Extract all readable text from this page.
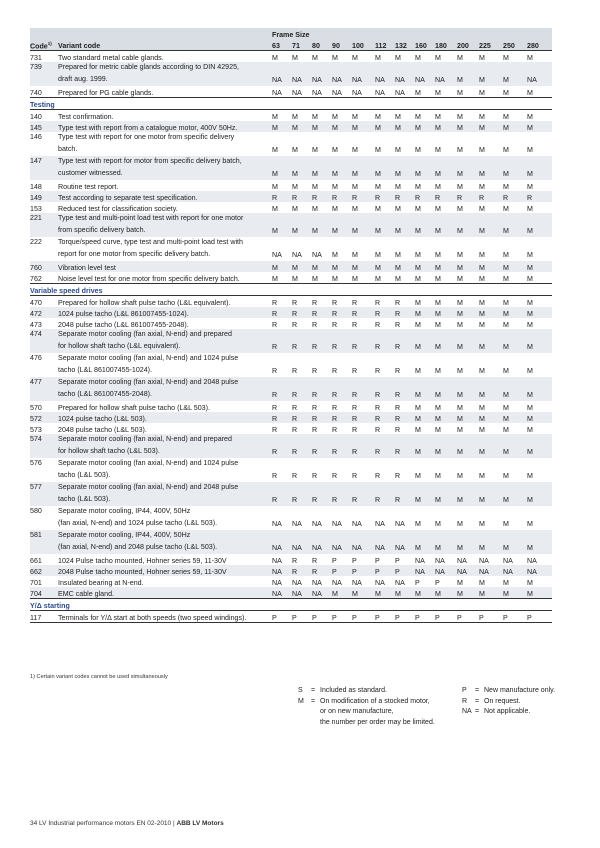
		Frame Size												
Code$^{1)}$	Variant code	63	71	80	90	100	112	132	160	180	200	225	250	280
731	Two standard metal cable glands.	M	M	M	M	M	M	M	M	M	M	M	M	M
739	Prepared for metric cable glands according to DIN 42925,
draft aug. 1999.	NA	NA	NA	NA	NA	NA	NA	NA	NA	M	M	M	NA
740	Prepared for PG cable glands.	NA	NA	NA	NA	NA	NA	NA	M	M	M	M	M	M
Testing														
140	Test confirmation.	M	M	M	M	M	M	M	M	M	M	M	M	M
145	Type test with report from a catalogue motor, 400V 50Hz.	M	M	M	M	M	M	M	M	M	M	M	M	M
146	Type test with report for one motor from specific delivery
batch.	M	M	M	M	M	M	M	M	M	M	M	M	M
147	Type test with report for motor from specific delivery batch,
customer witnessed.	M	M	M	M	M	M	M	M	M	M	M	M	M
148	Routine test report.	M	M	M	M	M	M	M	M	M	M	M	M	M
149	Test according to separate test specification.	R	R	R	R	R	R	R	R	R	R	R	R	R
153	Reduced test for classification society.	M	M	M	M	M	M	M	M	M	M	M	M	M
221	Type test and multi-point load test with report for one motor
from specific delivery batch.	M	M	M	M	M	M	M	M	M	M	M	M	M
222	Torque/speed curve, type test and multi-point load test with
report for one motor from specific delivery batch.	NA	NA	NA	M	M	M	M	M	M	M	M	M	M
760	Vibration level test	M	M	M	M	M	M	M	M	M	M	M	M	M
762	Noise level test for one motor from specific delivery batch.	M	M	M	M	M	M	M	M	M	M	M	M	M
Variable speed drives														
470	Prepared for hollow shaft pulse tacho (L&L equivalent).	R	R	R	R	R	R	R	M	M	M	M	M	M
472	1024 pulse tacho (L&L 861007455-1024).	R	R	R	R	R	R	R	M	M	M	M	M	M
473	2048 pulse tacho (L&L 861007455-2048).	R	R	R	R	R	R	R	M	M	M	M	M	M
474	Separate motor cooling (fan axial, N-end) and prepared
for hollow shaft tacho (L&L equivalent).	R	R	R	R	R	R	R	M	M	M	M	M	M
476	Separate motor cooling (fan axial, N-end) and 1024 pulse
tacho (L&L 861007455-1024).	R	R	R	R	R	R	R	M	M	M	M	M	M
477	Separate motor cooling (fan axial, N-end) and 2048 pulse
tacho (L&L 861007455-2048).	R	R	R	R	R	R	R	M	M	M	M	M	M
570	Prepared for hollow shaft pulse tacho (L&L 503).	R	R	R	R	R	R	R	M	M	M	M	M	M
572	1024 pulse tacho (L&L 503).	R	R	R	R	R	R	R	M	M	M	M	M	M
573	2048 pulse tacho (L&L 503).	R	R	R	R	R	R	R	M	M	M	M	M	M
574	Separate motor cooling (fan axial, N-end) and prepared
for hollow shaft tacho (L&L 503).	R	R	R	R	R	R	R	M	M	M	M	M	M
576	Separate motor cooling (fan axial, N-end) and 1024 pulse
tacho (L&L 503).	R	R	R	R	R	R	R	M	M	M	M	M	M
577	Separate motor cooling (fan axial, N-end) and 2048 pulse
tacho (L&L 503).	R	R	R	R	R	R	R	M	M	M	M	M	M
580	Separate motor cooling, IP44, 400V, 50Hz
(fan axial, N-end) and 1024 pulse tacho (L&L 503).	NA	NA	NA	NA	NA	NA	NA	M	M	M	M	M	M
581	Separate motor cooling, IP44, 400V, 50Hz
(fan axial, N-end) and 2048 pulse tacho (L&L 503).	NA	NA	NA	NA	NA	NA	NA	M	M	M	M	M	M
661	1024 Pulse tacho mounted, Hohner series 59, 11-30V	NA	R	R	P	P	P	P	NA	NA	NA	NA	NA	NA
662	2048 Pulse tacho mounted, Hohner series 59, 11-30V	NA	R	R	P	P	P	P	NA	NA	NA	NA	NA	NA
701	Insulated bearing at N-end.	NA	NA	NA	NA	NA	NA	NA	P	P	M	M	M	M
704	EMC cable gland.	NA	NA	NA	M	M	M	M	M	M	M	M	M	M
Y/Δ starting														
117	Terminals for Y/Δ start at both speeds (two speed windings).	P	P	P	P	P	P	P	P	P	P	P	P	P
1) Certain variant codes cannot be used simultaneously
S = Included as standard.
M = On modification of a stocked motor,
or on new manufacture,
the number per order may be limited.
P = New manufacture only.
R = On request.
NA = Not applicable.
34 LV Industrial performance motors EN 02-2010 | ABB LV Motors
